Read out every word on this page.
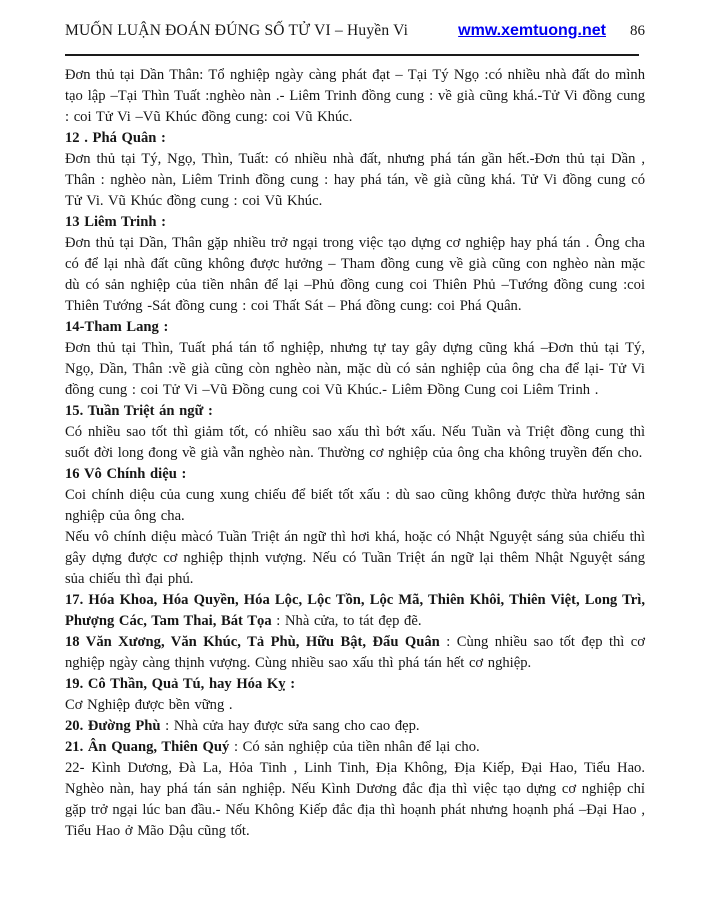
MUỐN LUẬN ĐOÁN ĐÚNG SỐ TỬ VI – Huyền Vi	wmw.xemtuong.net 86

Đơn thủ tại Dần Thân: Tổ nghiệp ngày càng phát đạt – Tại Tý Ngọ :có nhiều nhà đất do mình tạo lập –Tại Thìn Tuất :nghèo nàn .- Liêm Trinh đồng cung : về già cũng khá.-Tử Vi đồng cung : coi Tử Vi –Vũ Khúc đồng cung: coi Vũ Khúc.

12 . Phá Quân :

Đơn thủ tại Tý, Ngọ, Thìn, Tuất: có nhiều nhà đất, nhưng phá tán gần hết.-Đơn thủ tại Dần , Thân : nghèo nàn, Liêm Trinh đồng cung : hay phá tán, về già cũng khá. Tử Vi đồng cung có Tử Vi. Vũ Khúc đồng cung : coi Vũ Khúc.

13 Liêm Trinh :

Đơn thủ tại Dần, Thân gặp nhiều trở ngại trong việc tạo dựng cơ nghiệp hay phá tán . Ông cha có để lại nhà đất cũng không được hưởng – Tham đồng cung về già cũng con nghèo nàn mặc dù có sản nghiệp của tiền nhân để lại –Phủ đồng cung coi Thiên Phủ –Tướng đồng cung :coi Thiên Tướng -Sát đồng cung : coi Thất Sát – Phá đồng cung: coi Phá Quân.

14-Tham Lang :

Đơn thủ tại Thìn, Tuất phá tán tổ nghiệp, nhưng tự tay gây dựng cũng khá –Đơn thủ tại Tý, Ngọ, Dần, Thân :về già cũng còn nghèo nàn, mặc dù có sản nghiệp của ông cha để lại- Tử Vi đồng cung : coi Tử Vi –Vũ Đồng cung coi Vũ Khúc.- Liêm Đồng Cung coi Liêm Trinh .

15. Tuần Triệt án ngữ :

Có nhiều sao tốt thì giảm tốt, có nhiều sao xấu thì bớt xấu. Nếu Tuần và Triệt đồng cung thì suốt đời long đong về già vẫn nghèo nàn. Thường cơ nghiệp của ông cha không truyền đến cho.

16 Vô Chính diệu :

Coi chính diệu của cung xung chiếu để biết tốt xấu : dù sao cũng không được thừa hưởng sản nghiệp của ông cha.

Nếu vô chính diệu màcó Tuần Triệt án ngữ thì hơi khá, hoặc có Nhật Nguyệt sáng sủa chiếu thì gây dựng được cơ nghiệp thịnh vượng. Nếu có Tuần Triệt án ngữ lại thêm Nhật Nguyệt sáng sủa chiếu thì đại phú.

17. Hóa Khoa, Hóa Quyền, Hóa Lộc, Lộc Tồn, Lộc Mã, Thiên Khôi, Thiên Việt, Long Trì, Phượng Các, Tam Thai, Bát Tọa : Nhà cửa, to tát đẹp đẽ.

18 Văn Xương, Văn Khúc, Tả Phù, Hữu Bật, Đẩu Quân : Cùng nhiều sao tốt đẹp thì cơ nghiệp ngày càng thịnh vượng. Cùng nhiều sao xấu thì phá tán hết cơ nghiệp.

19. Cô Thần, Quả Tú, hay Hóa Kỵ :

Cơ Nghiệp được bền vững .

20. Đường Phù : Nhà cửa hay được sửa sang cho cao đẹp.

21. Ân Quang, Thiên Quý : Có sản nghiệp của tiền nhân để lại cho.

22- Kình Dương, Đà La, Hỏa Tinh , Linh Tinh, Địa Không, Địa Kiếp, Đại Hao, Tiểu Hao. Nghèo nàn, hay phá tán sản nghiệp. Nếu Kình Dương đắc địa thì việc tạo dựng cơ nghiệp chỉ gặp trở ngại lúc ban đầu.- Nếu Không Kiếp đắc địa thì hoạnh phát nhưng hoạnh phá –Đại Hao , Tiểu Hao ở Mão Dậu cũng tốt.
